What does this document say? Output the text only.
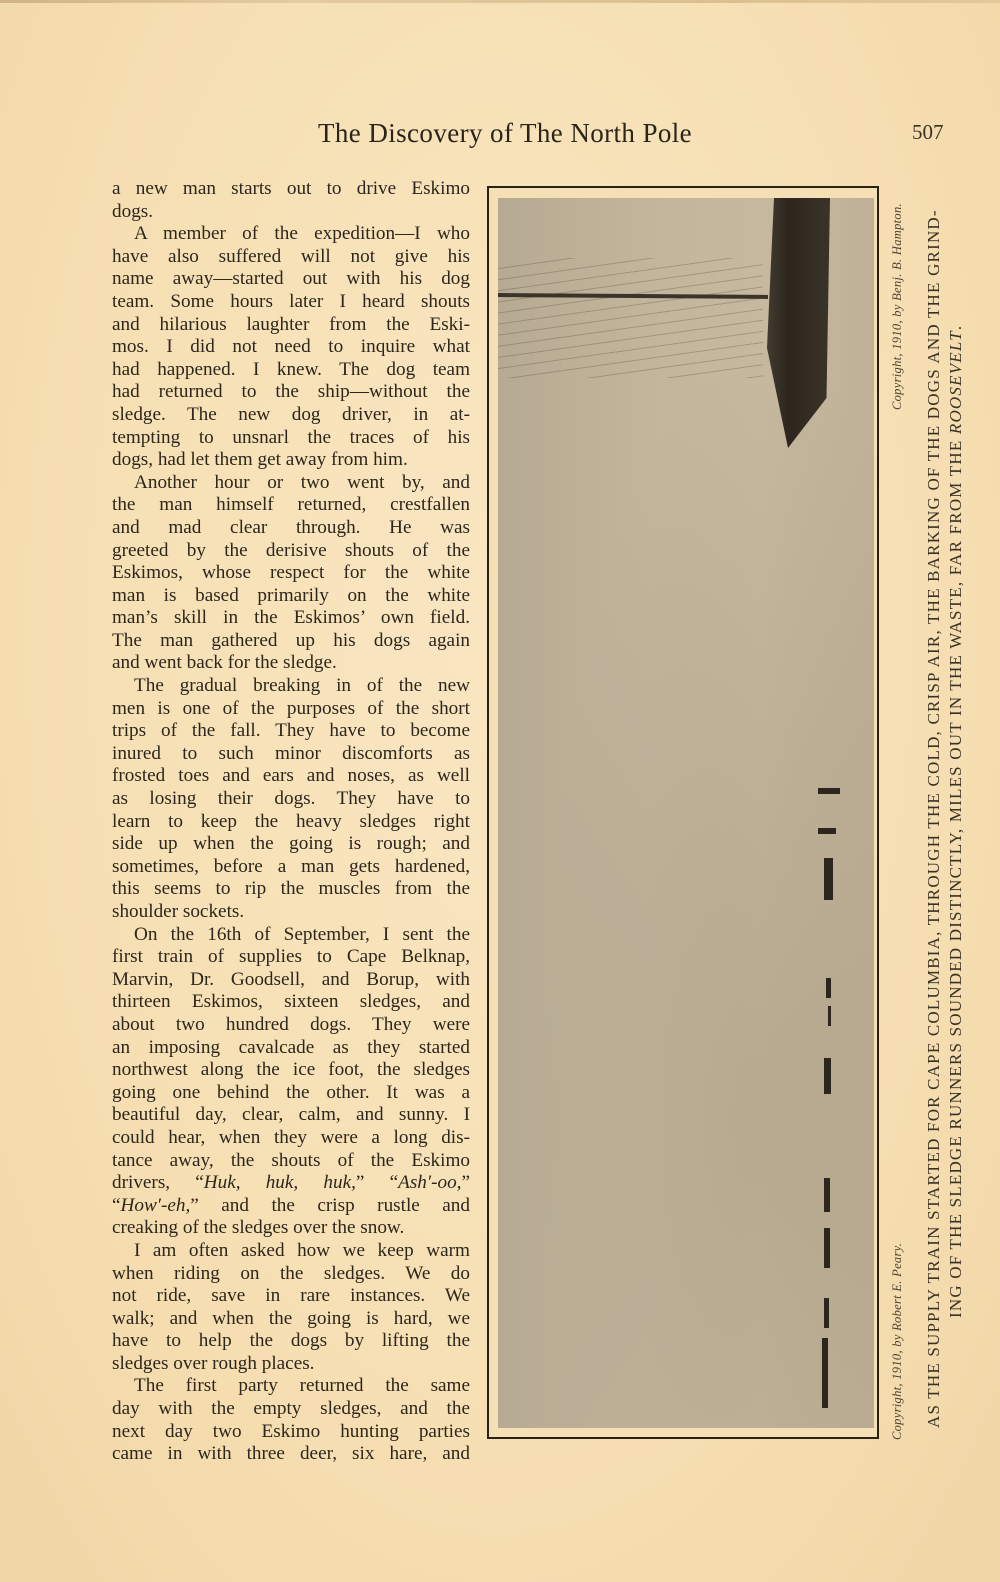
The Discovery of The North Pole	507
a new man starts out to drive Eskimo
dogs.
A member of the expedition—I who
have also suffered will not give his
name away—started out with his dog
team. Some hours later I heard shouts
and hilarious laughter from the Eski-
mos. I did not need to inquire what
had happened. I knew. The dog team
had returned to the ship—without the
sledge. The new dog driver, in at-
tempting to unsnarl the traces of his
dogs, had let them get away from him.
Another hour or two went by, and
the man himself returned, crestfallen
and mad clear through. He was
greeted by the derisive shouts of the
Eskimos, whose respect for the white
man is based primarily on the white
man’s skill in the Eskimos’ own field.
The man gathered up his dogs again
and went back for the sledge.
The gradual breaking in of the new
men is one of the purposes of the short
trips of the fall. They have to become
inured to such minor discomforts as
frosted toes and ears and noses, as well
as losing their dogs. They have to
learn to keep the heavy sledges right
side up when the going is rough; and
sometimes, before a man gets hardened,
this seems to rip the muscles from the
shoulder sockets.
On the 16th of September, I sent the
first train of supplies to Cape Belknap,
Marvin, Dr. Goodsell, and Borup, with
thirteen Eskimos, sixteen sledges, and
about two hundred dogs. They were
an imposing cavalcade as they started
northwest along the ice foot, the sledges
going one behind the other. It was a
beautiful day, clear, calm, and sunny. I
could hear, when they were a long dis-
tance away, the shouts of the Eskimo
drivers, “Huk, huk, huk,” “Ash′-oo,”
“How′-eh,” and the crisp rustle and
creaking of the sledges over the snow.
I am often asked how we keep warm
when riding on the sledges. We do
not ride, save in rare instances. We
walk; and when the going is hard, we
have to help the dogs by lifting the
sledges over rough places.
The first party returned the same
day with the empty sledges, and the
next day two Eskimo hunting parties
came in with three deer, six hare, and
Copyright, 1910, by Benj. B. Hampton.
Copyright, 1910, by Robert E. Peary. AS THE SUPPLY TRAIN STARTED FOR CAPE COLUMBIA, THROUGH THE COLD, CRISP AIR, THE BARKING OF THE DOGS AND THE GRIND- ING OF THE SLEDGE RUNNERS SOUNDED DISTINCTLY, MILES OUT IN THE WASTE, FAR FROM THE ROOSEVELT.
